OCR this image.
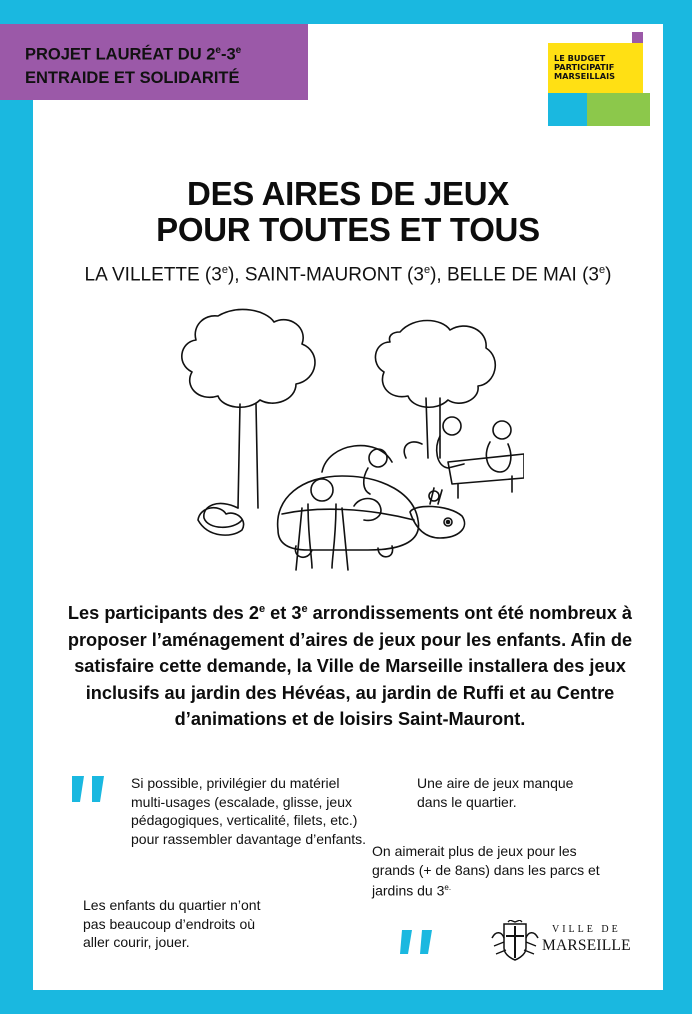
PROJET LAURÉAT DU 2e-3e
ENTRAIDE ET SOLIDARITÉ
LE BUDGET
PARTICIPATIF
MARSEILLAIS
DES AIRES DE JEUX
POUR TOUTES ET TOUS
LA VILLETTE (3e), SAINT-MAURONT (3e), BELLE DE MAI (3e)
Les participants des 2e et 3e arrondissements ont été nombreux à proposer l’aménagement d’aires de jeux pour les enfants. Afin de satisfaire cette demande, la Ville de Marseille installera des jeux inclusifs au jardin des Hévéas, au jardin de Ruffi et au Centre d’animations et de loisirs Saint-Mauront.
Si possible, privilégier du matériel multi-usages (escalade, glisse, jeux pédagogiques, verticalité, filets, etc.) pour rassembler davantage d’enfants.
Une aire de jeux manque dans le quartier.
On aimerait plus de jeux pour les grands (+ de 8ans) dans les parcs et jardins du $3^{e.}$
Les enfants du quartier n’ont pas beaucoup d’endroits où aller courir, jouer.
VILLE DE
MARSEILLE
